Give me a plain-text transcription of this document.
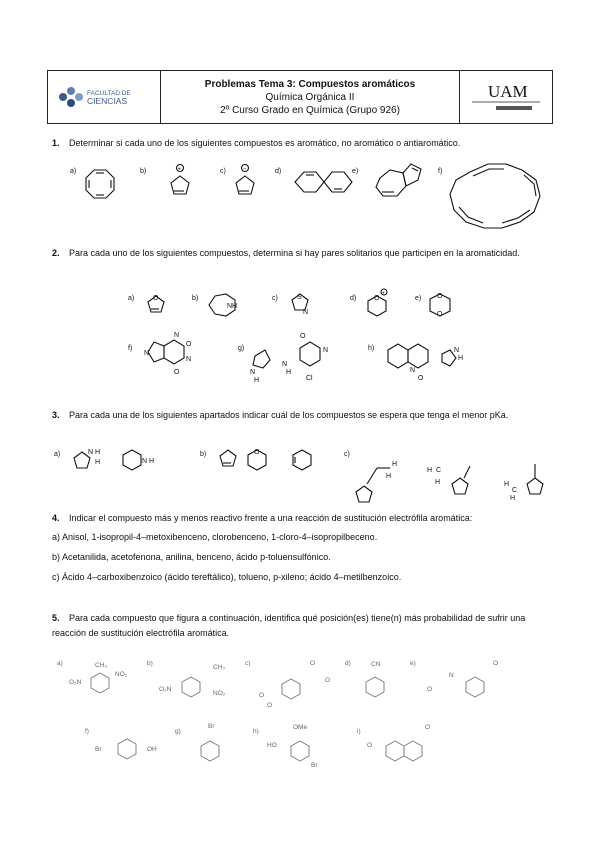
FACULTAD DE
CIENCIAS
Problemas Tema 3: Compuestos aromáticos
Química Orgánica II
2º Curso Grado en Química (Grupo 926)
UAM
1. Determinar si cada uno de los siguientes compuestos es aromático, no aromático o antiaromático.
a)	b)	+	c)	−	d)	e)	f)
2. Para cada uno de los siguientes compuestos, determina si hay pares solitarios que participen en la aromaticidad.
a)	O	b)
NH
c)	S
N
d)	O
+
e) O
O
f)
N
N
N
O
O
g)
N
H
N
H
O
Cl
N	h)
N
O
N
H
3. Para cada una de los siguientes apartados indicar cuál de los compuestos se espera que tenga el menor pKa.
a)	N H
H	N H
b)	O	c)
H
H
H C
H	H
C
H
4. Indicar el compuesto más y menos reactivo frente a una reacción de sustitución electrófila aromática:
a) Anisol, 1-isopropil-4–metoxibenceno, clorobenceno, 1-cloro-4–isopropilbeceno.
b) Acetanilida, acetofenona, anilina, benceno, ácido p-toluensulfónico.
c) Ácido 4–carboxibenzoico (ácido tereftálico), tolueno, p-xileno; ácido 4–metilbenzoico.
5. Para cada compuesto que figura a continuación, identifica qué posición(es) tiene(n) más probabilidad de sufrir una reacción de sustitución electrófila aromática.
a)	CH₃
O₂N
NO₂
b)
CH₃
O₂N
NO₂
c)	O
O
O
O
d)	CN	e)
N
O
O
f)
Br	OH
g)
Br
h)
OMe
HO
Br
i)
O
O
